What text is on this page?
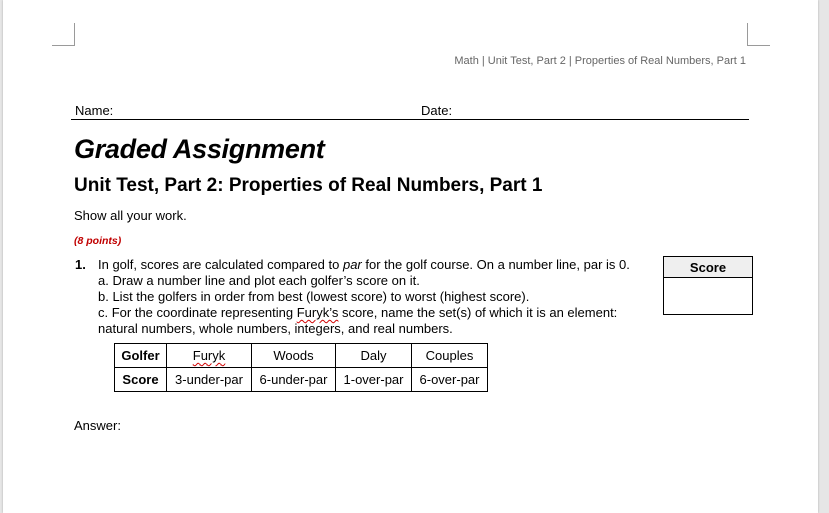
Math | Unit Test, Part 2 | Properties of Real Numbers, Part 1
Name:	Date:
Graded Assignment
Unit Test, Part 2: Properties of Real Numbers, Part 1
Show all your work.
(8 points)
1. In golf, scores are calculated compared to par for the golf course. On a number line, par is 0.
a. Draw a number line and plot each golfer’s score on it.
b. List the golfers in order from best (lowest score) to worst (highest score).
c. For the coordinate representing Furyk’s score, name the set(s) of which it is an element:
natural numbers, whole numbers, integers, and real numbers.
Score
Golfer	Furyk	Woods	Daly	Couples
Score	3-under-par	6-under-par	1-over-par	6-over-par
Answer:
